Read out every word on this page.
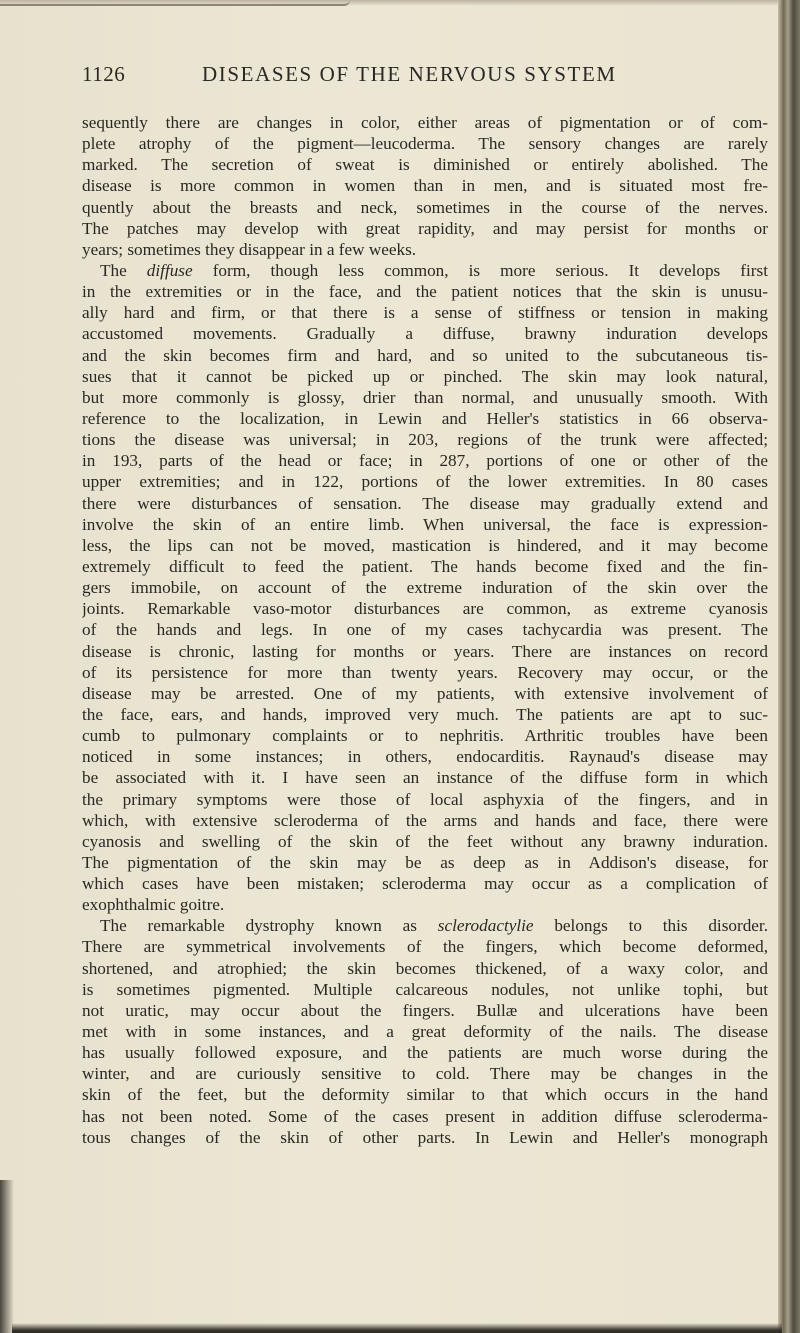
1126	DISEASES OF THE NERVOUS SYSTEM
sequently there are changes in color, either areas of pigmentation or of com-
plete atrophy of the pigment—leucoderma. The sensory changes are rarely
marked. The secretion of sweat is diminished or entirely abolished. The
disease is more common in women than in men, and is situated most fre-
quently about the breasts and neck, sometimes in the course of the nerves.
The patches may develop with great rapidity, and may persist for months or
years; sometimes they disappear in a few weeks.
The diffuse form, though less common, is more serious. It develops first
in the extremities or in the face, and the patient notices that the skin is unusu-
ally hard and firm, or that there is a sense of stiffness or tension in making
accustomed movements. Gradually a diffuse, brawny induration develops
and the skin becomes firm and hard, and so united to the subcutaneous tis-
sues that it cannot be picked up or pinched. The skin may look natural,
but more commonly is glossy, drier than normal, and unusually smooth. With
reference to the localization, in Lewin and Heller's statistics in 66 observa-
tions the disease was universal; in 203, regions of the trunk were affected;
in 193, parts of the head or face; in 287, portions of one or other of the
upper extremities; and in 122, portions of the lower extremities. In 80 cases
there were disturbances of sensation. The disease may gradually extend and
involve the skin of an entire limb. When universal, the face is expression-
less, the lips can not be moved, mastication is hindered, and it may become
extremely difficult to feed the patient. The hands become fixed and the fin-
gers immobile, on account of the extreme induration of the skin over the
joints. Remarkable vaso-motor disturbances are common, as extreme cyanosis
of the hands and legs. In one of my cases tachycardia was present. The
disease is chronic, lasting for months or years. There are instances on record
of its persistence for more than twenty years. Recovery may occur, or the
disease may be arrested. One of my patients, with extensive involvement of
the face, ears, and hands, improved very much. The patients are apt to suc-
cumb to pulmonary complaints or to nephritis. Arthritic troubles have been
noticed in some instances; in others, endocarditis. Raynaud's disease may
be associated with it. I have seen an instance of the diffuse form in which
the primary symptoms were those of local asphyxia of the fingers, and in
which, with extensive scleroderma of the arms and hands and face, there were
cyanosis and swelling of the skin of the feet without any brawny induration.
The pigmentation of the skin may be as deep as in Addison's disease, for
which cases have been mistaken; scleroderma may occur as a complication of
exophthalmic goitre.
The remarkable dystrophy known as sclerodactylie belongs to this disorder.
There are symmetrical involvements of the fingers, which become deformed,
shortened, and atrophied; the skin becomes thickened, of a waxy color, and
is sometimes pigmented. Multiple calcareous nodules, not unlike tophi, but
not uratic, may occur about the fingers. Bullæ and ulcerations have been
met with in some instances, and a great deformity of the nails. The disease
has usually followed exposure, and the patients are much worse during the
winter, and are curiously sensitive to cold. There may be changes in the
skin of the feet, but the deformity similar to that which occurs in the hand
has not been noted. Some of the cases present in addition diffuse scleroderma-
tous changes of the skin of other parts. In Lewin and Heller's monograph
